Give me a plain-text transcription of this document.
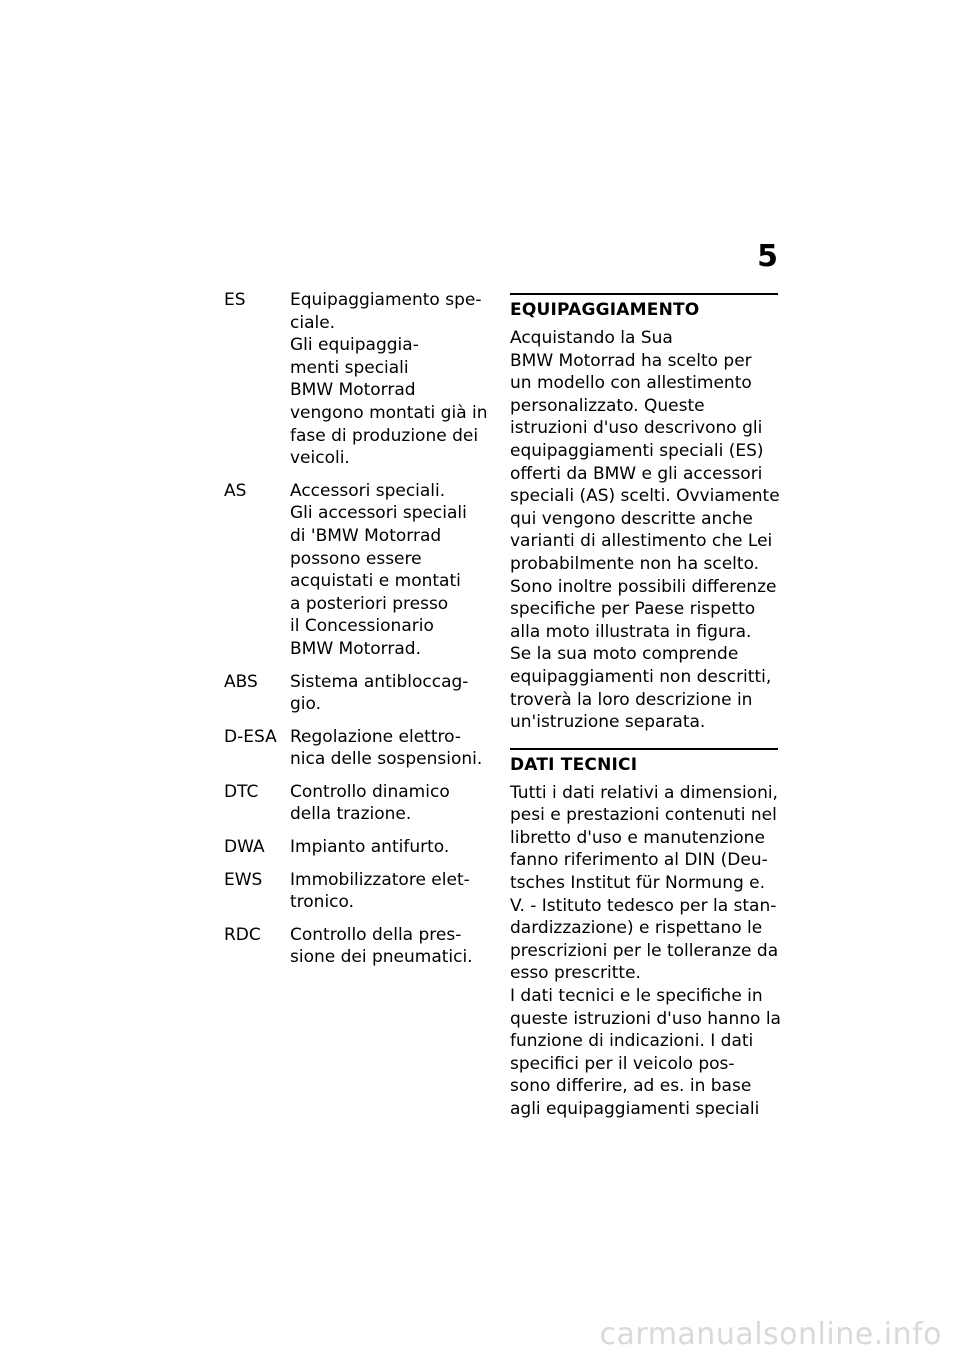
5
ES	Equipaggiamento spe-
ciale.
Gli equipaggia-
menti speciali
BMW Motorrad
vengono montati già in
fase di produzione dei
veicoli.
AS	Accessori speciali.
Gli accessori speciali
di 'BMW Motorrad
possono essere
acquistati e montati
a posteriori presso
il Concessionario
BMW Motorrad.
ABS	Sistema antibloccag-
gio.
D-ESA Regolazione elettro-
nica delle sospensioni.
DTC	Controllo dinamico
della trazione.
DWA	Impianto antifurto.
EWS	Immobilizzatore elet-
tronico.
RDC	Controllo della pres-
sione dei pneumatici.
EQUIPAGGIAMENTO
Acquistando la Sua
BMW Motorrad ha scelto per
un modello con allestimento
personalizzato. Queste
istruzioni d'uso descrivono gli
equipaggiamenti speciali (ES)
offerti da BMW e gli accessori
speciali (AS) scelti. Ovviamente
qui vengono descritte anche
varianti di allestimento che Lei
probabilmente non ha scelto.
Sono inoltre possibili differenze
specifiche per Paese rispetto
alla moto illustrata in figura.
Se la sua moto comprende
equipaggiamenti non descritti,
troverà la loro descrizione in
un'istruzione separata.
DATI TECNICI
Tutti i dati relativi a dimensioni,
pesi e prestazioni contenuti nel
libretto d'uso e manutenzione
fanno riferimento al DIN (Deu-
tsches Institut für Normung e.
V. - Istituto tedesco per la stan-
dardizzazione) e rispettano le
prescrizioni per le tolleranze da
esso prescritte.
I dati tecnici e le specifiche in
queste istruzioni d'uso hanno la
funzione di indicazioni. I dati
specifici per il veicolo pos-
sono differire, ad es. in base
agli equipaggiamenti speciali
carmanualsonline.info
